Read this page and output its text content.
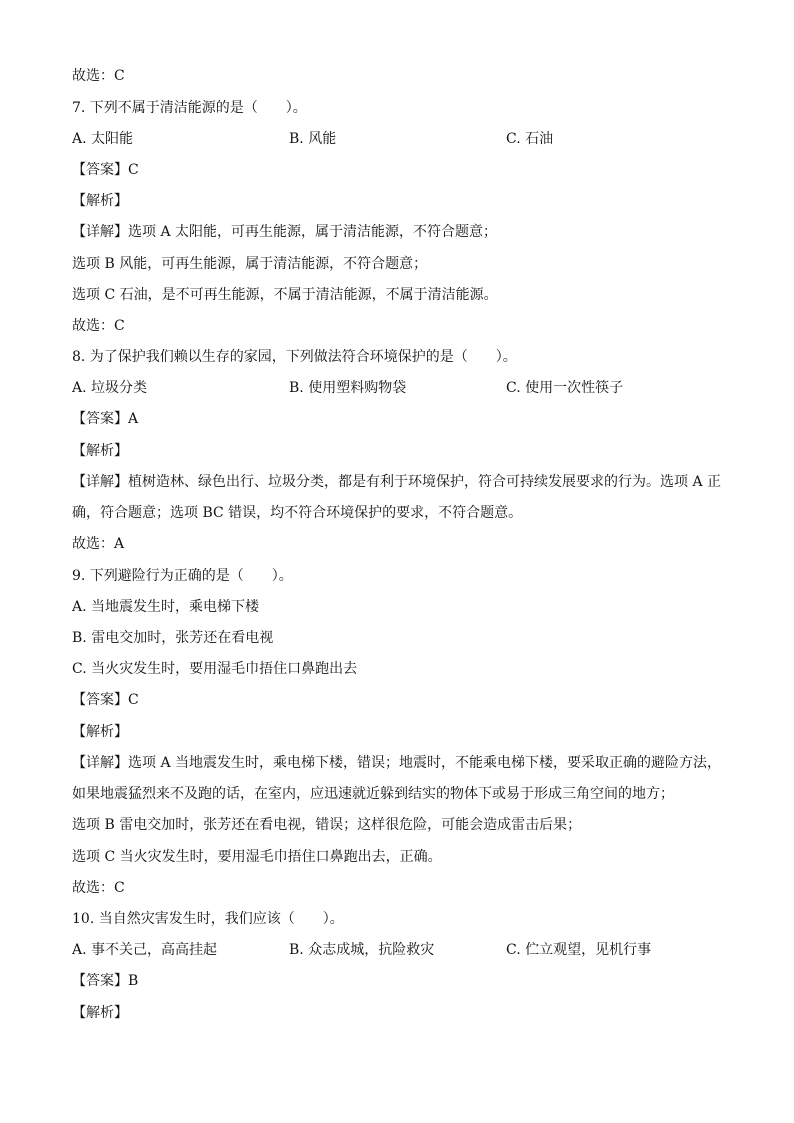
故选：C
7. 下列不属于清洁能源的是（　　）。
A. 太阳能	B. 风能	C. 石油
【答案】C
【解析】
【详解】选项 A 太阳能，可再生能源，属于清洁能源，不符合题意；
选项 B 风能，可再生能源，属于清洁能源，不符合题意；
选项 C 石油，是不可再生能源，不属于清洁能源，不属于清洁能源。
故选：C
8. 为了保护我们赖以生存的家园，下列做法符合环境保护的是（　　）。
A. 垃圾分类	B. 使用塑料购物袋	C. 使用一次性筷子
【答案】A
【解析】
【详解】植树造林、绿色出行、垃圾分类，都是有利于环境保护，符合可持续发展要求的行为。选项 A 正
确，符合题意；选项 BC 错误，均不符合环境保护的要求，不符合题意。
故选：A
9. 下列避险行为正确的是（　　）。
A. 当地震发生时，乘电梯下楼
B. 雷电交加时，张芳还在看电视
C. 当火灾发生时，要用湿毛巾捂住口鼻跑出去
【答案】C
【解析】
【详解】选项 A 当地震发生时，乘电梯下楼，错误；地震时，不能乘电梯下楼，要采取正确的避险方法，
如果地震猛烈来不及跑的话，在室内，应迅速就近躲到结实的物体下或易于形成三角空间的地方；
选项 B 雷电交加时，张芳还在看电视，错误；这样很危险，可能会造成雷击后果；
选项 C 当火灾发生时，要用湿毛巾捂住口鼻跑出去，正确。
故选：C
10. 当自然灾害发生时，我们应该（　　）。
A. 事不关己，高高挂起	B. 众志成城，抗险救灾	C. 伫立观望，见机行事
【答案】B
【解析】
